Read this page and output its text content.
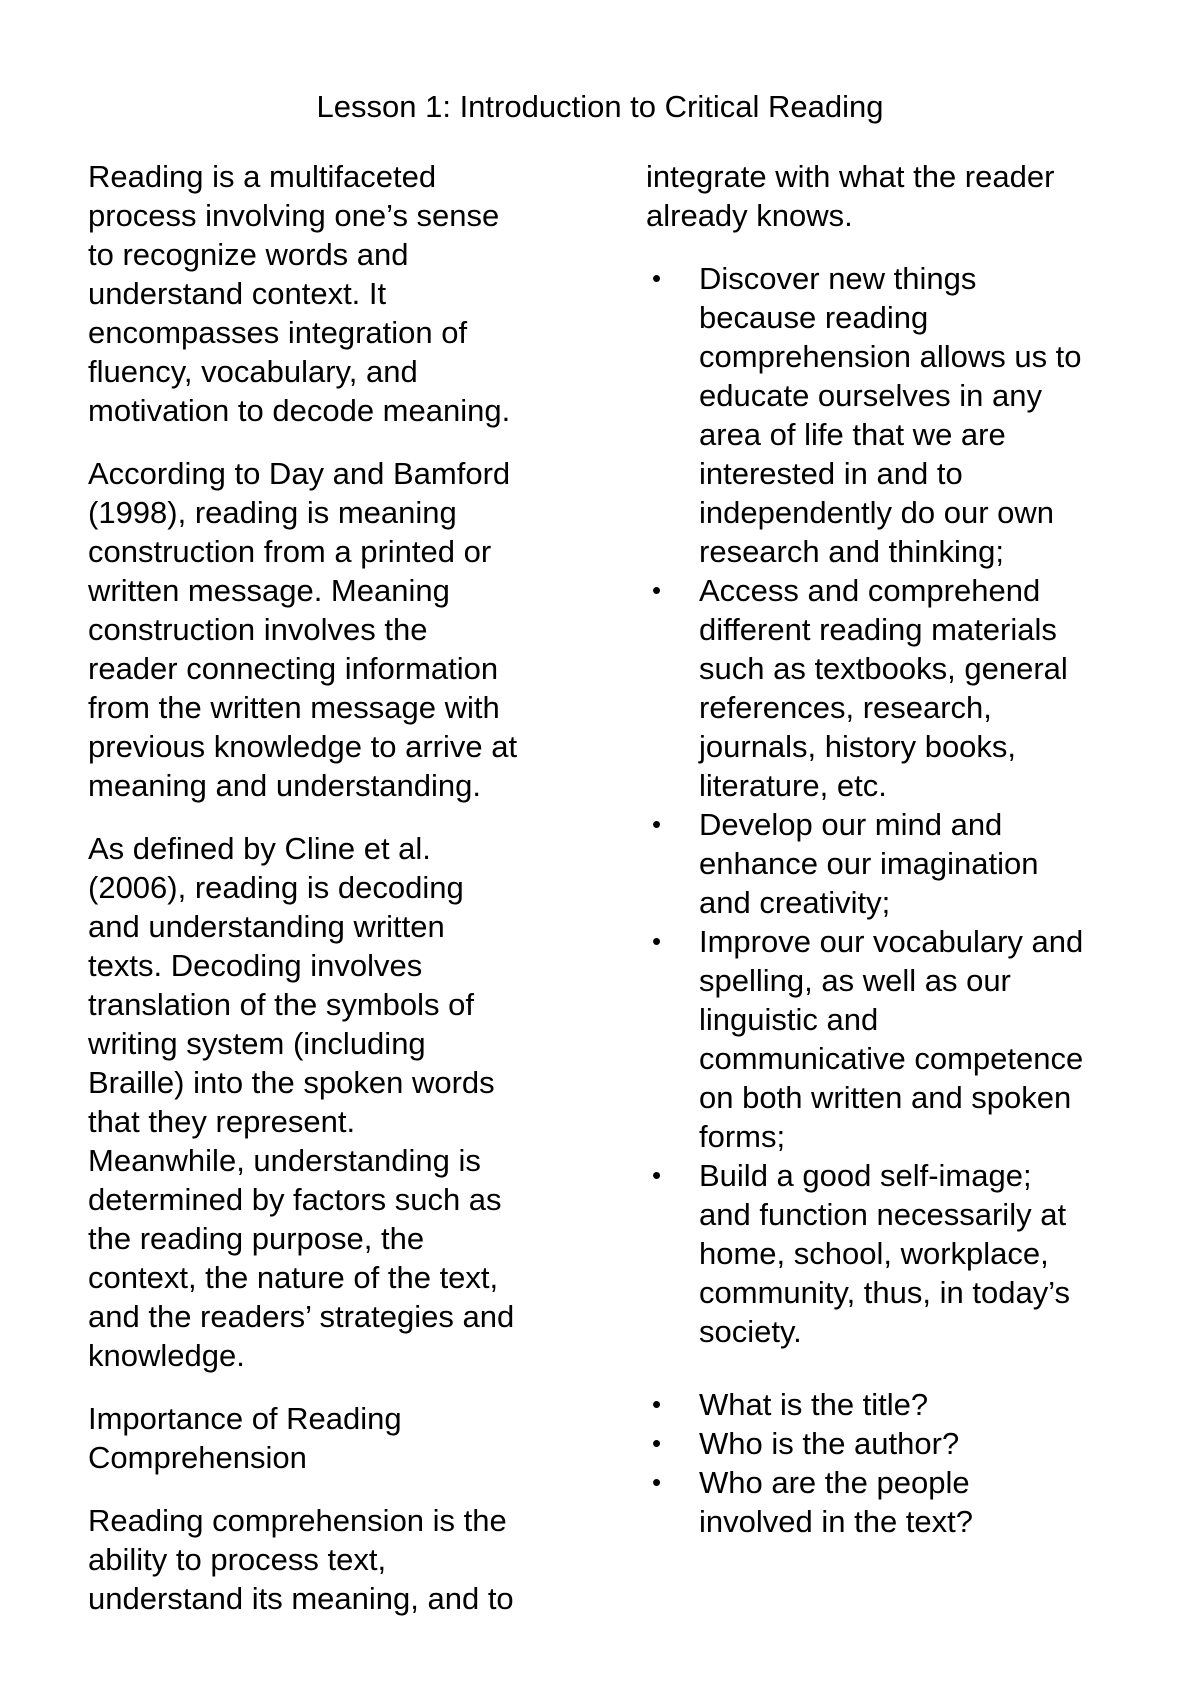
Lesson 1: Introduction to Critical Reading
Reading is a multifaceted
process involving one’s sense
to recognize words and
understand context. It
encompasses integration of
fluency, vocabulary, and
motivation to decode meaning.
According to Day and Bamford
(1998), reading is meaning
construction from a printed or
written message. Meaning
construction involves the
reader connecting information
from the written message with
previous knowledge to arrive at
meaning and understanding.
As defined by Cline et al.
(2006), reading is decoding
and understanding written
texts. Decoding involves
translation of the symbols of
writing system (including
Braille) into the spoken words
that they represent.
Meanwhile, understanding is
determined by factors such as
the reading purpose, the
context, the nature of the text,
and the readers’ strategies and
knowledge.
Importance of Reading
Comprehension
Reading comprehension is the
ability to process text,
understand its meaning, and to
integrate with what the reader
already knows.
• Discover new things
because reading
comprehension allows us to
educate ourselves in any
area of life that we are
interested in and to
independently do our own
research and thinking;
• Access and comprehend
different reading materials
such as textbooks, general
references, research,
journals, history books,
literature, etc.
• Develop our mind and
enhance our imagination
and creativity;
• Improve our vocabulary and
spelling, as well as our
linguistic and
communicative competence
on both written and spoken
forms;
• Build a good self-image;
and function necessarily at
home, school, workplace,
community, thus, in today’s
society.
• What is the title?
• Who is the author?
• Who are the people
involved in the text?
